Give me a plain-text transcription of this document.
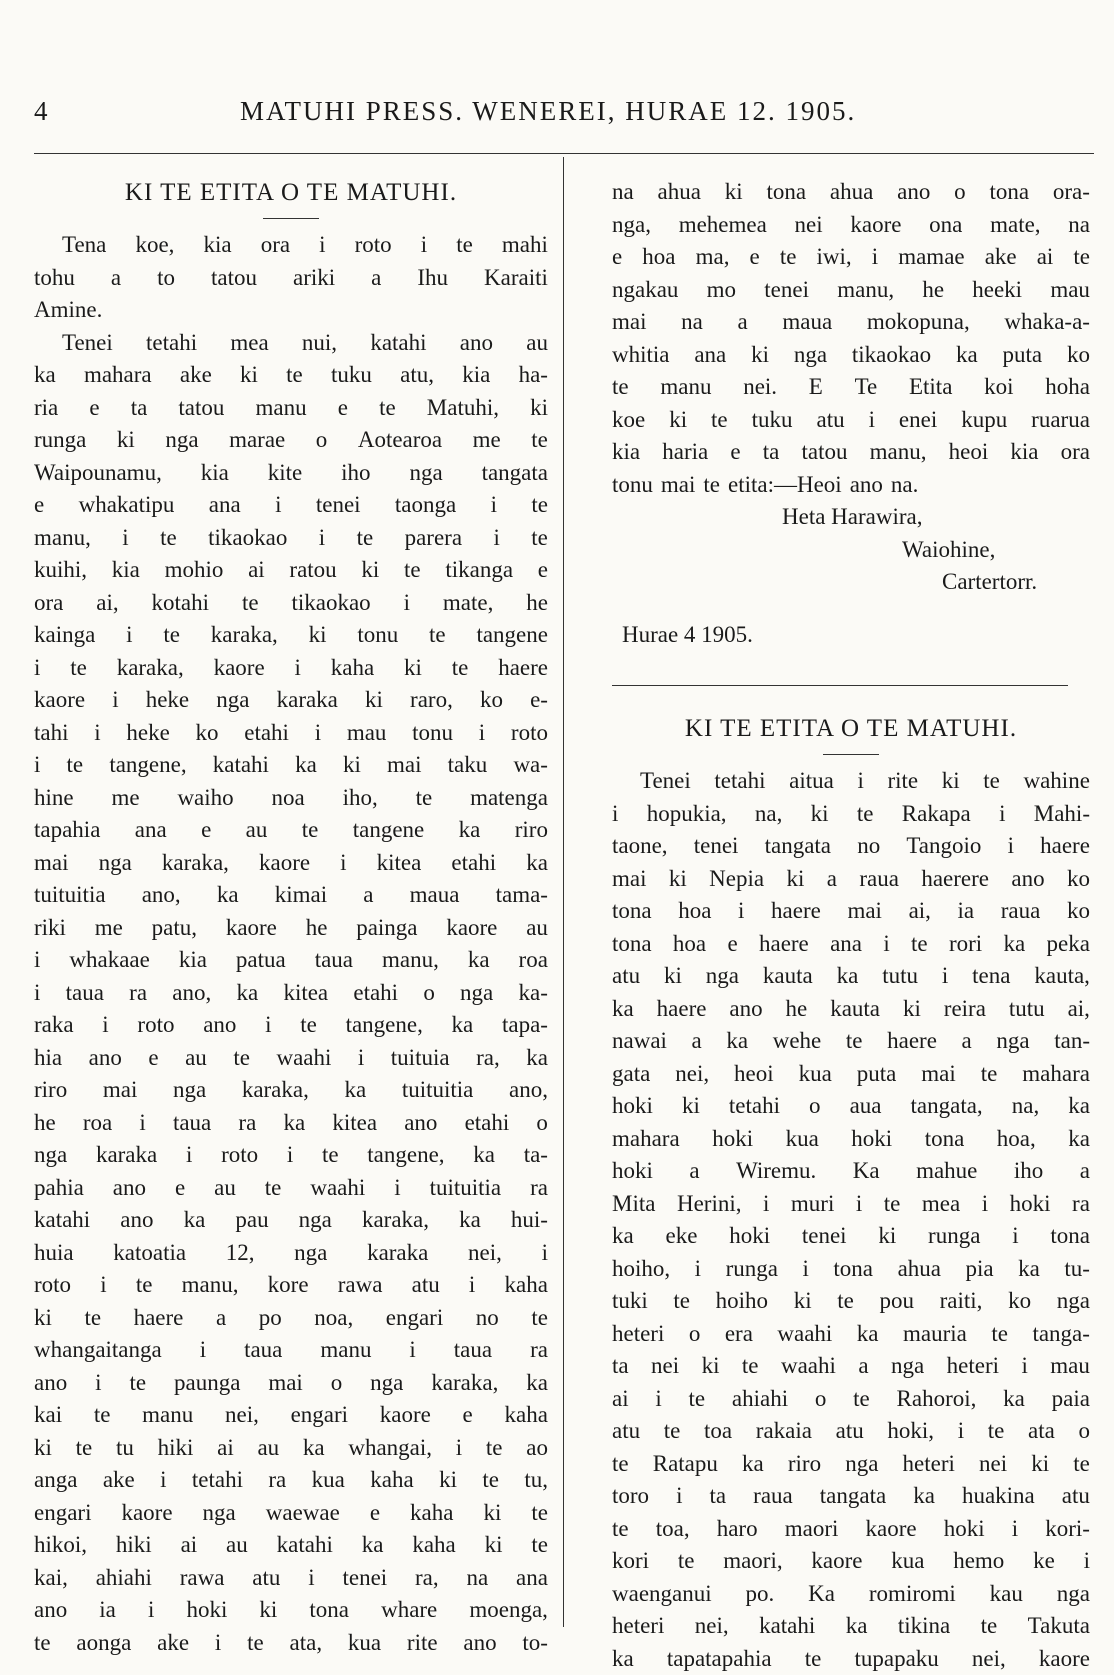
4	MATUHI PRESS. WENEREI, HURAE 12. 1905.
KI TE ETITA O TE MATUHI.
Tena koe, kia ora i roto i te mahi
tohu a to tatou ariki a Ihu Karaiti
Amine.
Tenei tetahi mea nui, katahi ano au
ka mahara ake ki te tuku atu, kia ha-
ria e ta tatou manu e te Matuhi, ki
runga ki nga marae o Aotearoa me te
Waipounamu, kia kite iho nga tangata
e whakatipu ana i tenei taonga i te
manu, i te tikaokao i te parera i te
kuihi, kia mohio ai ratou ki te tikanga e
ora ai, kotahi te tikaokao i mate, he
kainga i te karaka, ki tonu te tangene
i te karaka, kaore i kaha ki te haere
kaore i heke nga karaka ki raro, ko e-
tahi i heke ko etahi i mau tonu i roto
i te tangene, katahi ka ki mai taku wa-
hine me waiho noa iho, te matenga
tapahia ana e au te tangene ka riro
mai nga karaka, kaore i kitea etahi ka
tuituitia ano, ka kimai a maua tama-
riki me patu, kaore he painga kaore au
i whakaae kia patua taua manu, ka roa
i taua ra ano, ka kitea etahi o nga ka-
raka i roto ano i te tangene, ka tapa-
hia ano e au te waahi i tuituia ra, ka
riro mai nga karaka, ka tuituitia ano,
he roa i taua ra ka kitea ano etahi o
nga karaka i roto i te tangene, ka ta-
pahia ano e au te waahi i tuituitia ra
katahi ano ka pau nga karaka, ka hui-
huia katoatia 12, nga karaka nei, i
roto i te manu, kore rawa atu i kaha
ki te haere a po noa, engari no te
whangaitanga i taua manu i taua ra
ano i te paunga mai o nga karaka, ka
kai te manu nei, engari kaore e kaha
ki te tu hiki ai au ka whangai, i te ao
anga ake i tetahi ra kua kaha ki te tu,
engari kaore nga waewae e kaha ki te
hikoi, hiki ai au katahi ka kaha ki te
kai, ahiahi rawa atu i tenei ra, na ana
ano ia i hoki ki tona whare moenga,
te aonga ake i te ata, kua rite ano to-
na ahua ki tona ahua ano o tona ora-
nga, mehemea nei kaore ona mate, na
e hoa ma, e te iwi, i mamae ake ai te
ngakau mo tenei manu, he heeki mau
mai na a maua mokopuna, whaka-a-
whitia ana ki nga tikaokao ka puta ko
te manu nei. E Te Etita koi hoha
koe ki te tuku atu i enei kupu ruarua
kia haria e ta tatou manu, heoi kia ora
tonu mai te etita:—Heoi ano na.
Heta Harawira,
Waiohine,
Cartertorr.
Hurae 4 1905.
KI TE ETITA O TE MATUHI.
Tenei tetahi aitua i rite ki te wahine
i hopukia, na, ki te Rakapa i Mahi-
taone, tenei tangata no Tangoio i haere
mai ki Nepia ki a raua haerere ano ko
tona hoa i haere mai ai, ia raua ko
tona hoa e haere ana i te rori ka peka
atu ki nga kauta ka tutu i tena kauta,
ka haere ano he kauta ki reira tutu ai,
nawai a ka wehe te haere a nga tan-
gata nei, heoi kua puta mai te mahara
hoki ki tetahi o aua tangata, na, ka
mahara hoki kua hoki tona hoa, ka
hoki a Wiremu. Ka mahue iho a
Mita Herini, i muri i te mea i hoki ra
ka eke hoki tenei ki runga i tona
hoiho, i runga i tona ahua pia ka tu-
tuki te hoiho ki te pou raiti, ko nga
heteri o era waahi ka mauria te tanga-
ta nei ki te waahi a nga heteri i mau
ai i te ahiahi o te Rahoroi, ka paia
atu te toa rakaia atu hoki, i te ata o
te Ratapu ka riro nga heteri nei ki te
toro i ta raua tangata ka huakina atu
te toa, haro maori kaore hoki i kori-
kori te maori, kaore kua hemo ke i
waenganui po. Ka romiromi kau nga
heteri nei, katahi ka tikina te Takuta
ka tapatapahia te tupapaku nei, kaore
